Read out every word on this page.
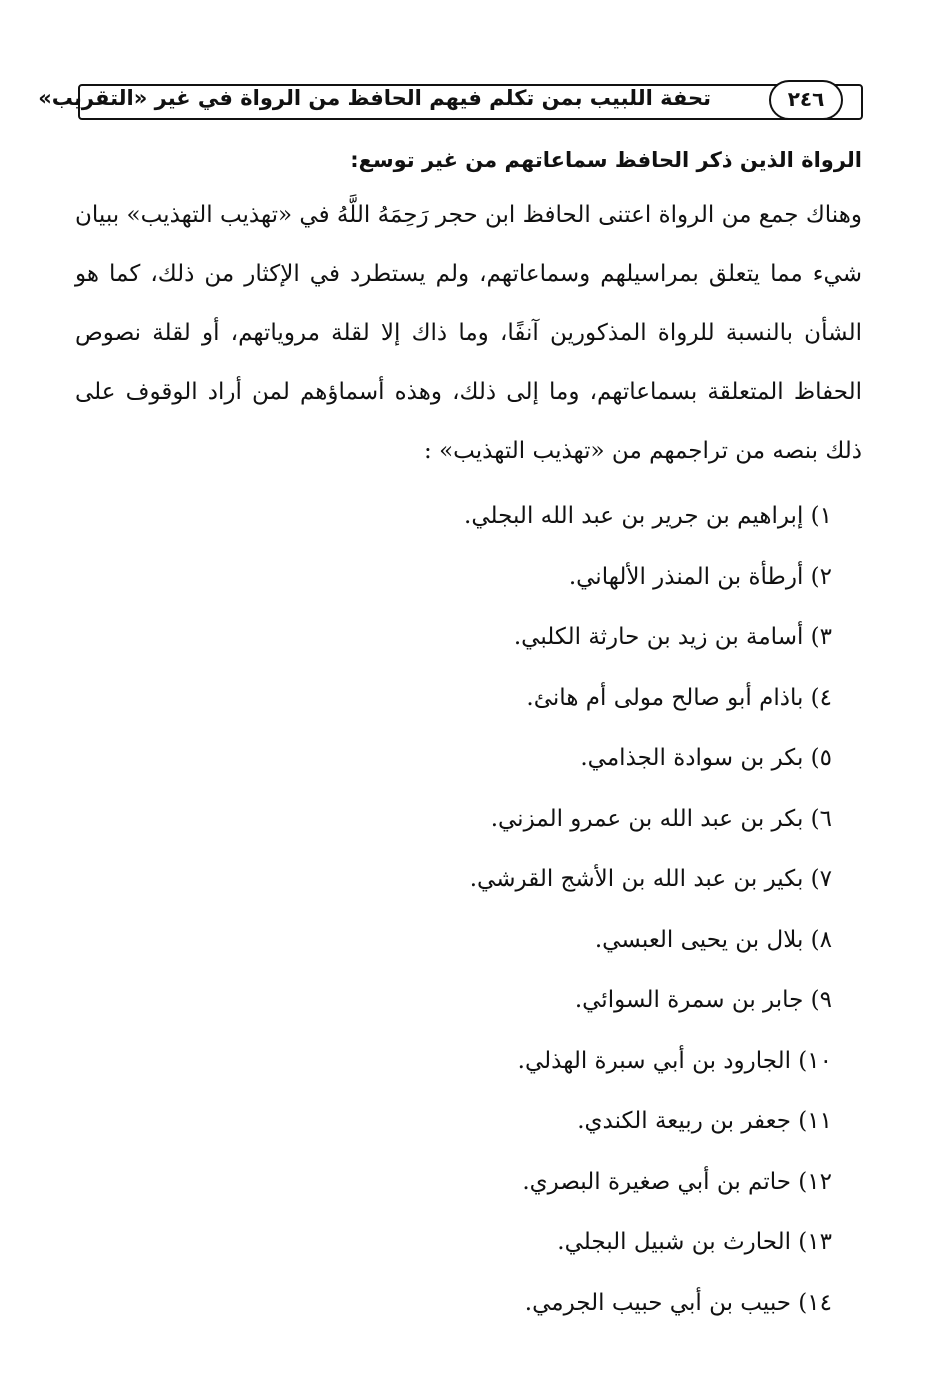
تحفة اللبيب بمن تكلم فيهم الحافظ من الرواة في غير «التقريب»	٢٤٦
الرواة الذين ذكر الحافظ سماعاتهم من غير توسع:

وهناك جمع من الرواة اعتنى الحافظ ابن حجر رَحِمَهُ اللَّهُ في «تهذيب التهذيب» ببيان شيء مما يتعلق بمراسيلهم وسماعاتهم، ولم يستطرد في الإكثار من ذلك، كما هو الشأن بالنسبة للرواة المذكورين آنفًا، وما ذاك إلا لقلة مروياتهم، أو لقلة نصوص الحفاظ المتعلقة بسماعاتهم، وما إلى ذلك، وهذه أسماؤهم لمن أراد الوقوف على ذلك بنصه من تراجمهم من «تهذيب التهذيب» :

١) إبراهيم بن جرير بن عبد الله البجلي.
٢) أرطأة بن المنذر الألهاني.
٣) أسامة بن زيد بن حارثة الكلبي.
٤) باذام أبو صالح مولى أم هانئ.
٥) بكر بن سوادة الجذامي.
٦) بكر بن عبد الله بن عمرو المزني.
٧) بكير بن عبد الله بن الأشج القرشي.
٨) بلال بن يحيى العبسي.
٩) جابر بن سمرة السوائي.
١٠) الجارود بن أبي سبرة الهذلي.
١١) جعفر بن ربيعة الكندي.
١٢) حاتم بن أبي صغيرة البصري.
١٣) الحارث بن شبيل البجلي.
١٤) حبيب بن أبي حبيب الجرمي.
